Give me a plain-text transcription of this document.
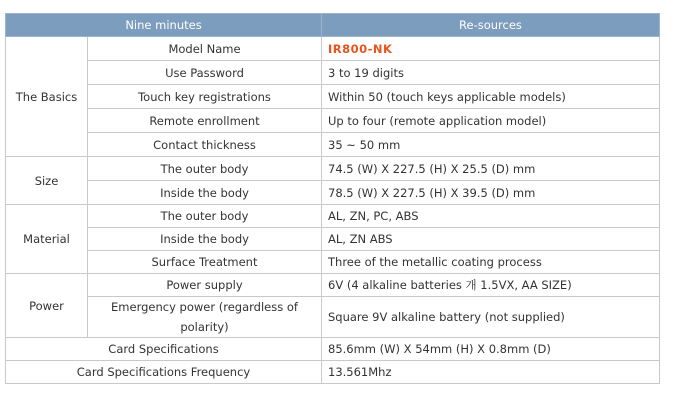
Nine minutes		Re-sources
The Basics	Model Name	IR800-NK
	Use Password	3 to 19 digits
	Touch key registrations	Within 50 (touch keys applicable models)
	Remote enrollment	Up to four (remote application model)
	Contact thickness	35 ~ 50 mm
Size	The outer body	74.5 (W) X 227.5 (H) X 25.5 (D) mm
	Inside the body	78.5 (W) X 227.5 (H) X 39.5 (D) mm
Material	The outer body	AL, ZN, PC, ABS
	Inside the body	AL, ZN ABS
	Surface Treatment	Three of the metallic coating process
Power	Power supply	6V (4 alkaline batteries 개 1.5VX, AA SIZE)
	Emergency power (regardless of polarity)	Square 9V alkaline battery (not supplied)
Card Specifications		85.6mm (W) X 54mm (H) X 0.8mm (D)
Card Specifications Frequency		13.561Mhz
